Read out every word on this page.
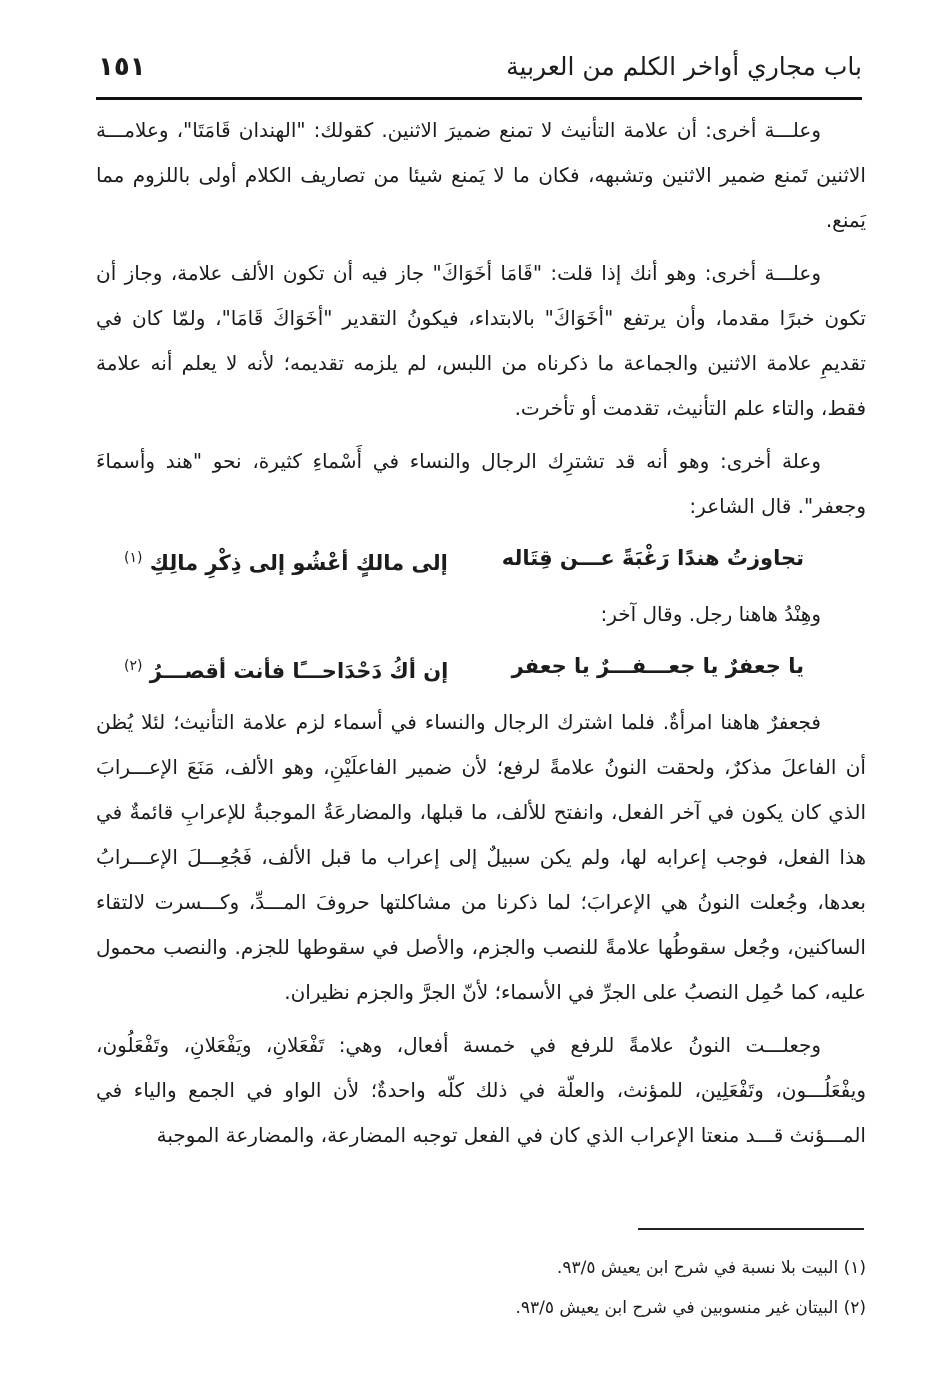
باب مجاري أواخر الكلم من العربية
١٥١

وعلـــة أخرى: أن علامة التأنيث لا تمنع ضميرَ الاثنين. كقولك: "الهندان قَامَتَا"، وعلامـــة الاثنين تَمنع ضمير الاثنين وتشبهه، فكان ما لا يَمنع شيئا من تصاريف الكلام أولى باللزوم مما يَمنع.

وعلـــة أخرى: وهو أنك إذا قلت: "قَامَا أخَوَاكَ" جاز فيه أن تكون الألف علامة، وجاز أن تكون خبرًا مقدما، وأن يرتفع "أخَوَاكَ" بالابتداء، فيكونُ التقدير "أخَوَاكَ قَامَا"، ولمّا كان في تقديمِ علامة الاثنين والجماعة ما ذكرناه من اللبس، لم يلزمه تقديمه؛ لأنه لا يعلم أنه علامة فقط، والتاء علم التأنيث، تقدمت أو تأخرت.

وعلة أخرى: وهو أنه قد تشترِك الرجال والنساء في أَسْماءِ كثيرة، نحو "هند وأسماءَ وجعفر". قال الشاعر:

تجاوزتُ هندًا رَغْبَةً عـــن قِتَاله
إلى مالكٍ أعْشُو إلى ذِكْرِ مالِكِ $^{(١)}$

وهِنْدُ هاهنا رجل. وقال آخر:

يا جعفرٌ يا جعـــفـــرٌ يا جعفر
إن أكُ دَحْدَاحـــًا فأنت أقصـــرُ $^{(٢)}$

فجعفرٌ هاهنا امرأةٌ. فلما اشترك الرجال والنساء في أسماء لزم علامة التأنيث؛ لئلا يُظن أن الفاعلَ مذكرٌ، ولحقت النونُ علامةً لرفع؛ لأن ضمير الفاعلَيْنِ، وهو الألف، مَنَعَ الإعـــرابَ الذي كان يكون في آخر الفعل، وانفتح للألف، ما قبلها، والمضارعَةُ الموجبةُ للإعرابِ قائمةٌ في هذا الفعل، فوجب إعرابه لها، ولم يكن سبيلٌ إلى إعراب ما قبل الألف، فَجُعِـــلَ الإعـــرابُ بعدها، وجُعلت النونُ هي الإعرابَ؛ لما ذكرنا من مشاكلتها حروفَ المـــدِّ، وكـــسرت لالتقاء الساكنين، وجُعل سقوطُها علامةً للنصب والجزم، والأصل في سقوطها للجزم. والنصب محمول عليه، كما حُمِل النصبُ على الجرِّ في الأسماء؛ لأنّ الجرَّ والجزم نظيران.

وجعلـــت النونُ علامةً للرفع في خمسة أفعال، وهي: تَفْعَلانِ، ويَفْعَلانِ، وتَفْعَلُون، ويفْعَلُـــون، وتَفْعَلِين، للمؤنث، والعلّة في ذلك كلّه واحدةٌ؛ لأن الواو في الجمع والياء في المـــؤنث قـــد منعتا الإعراب الذي كان في الفعل توجبه المضارعة، والمضارعة الموجبة

(١) البيت بلا نسبة في شرح ابن يعيش ٩٣/٥.

(٢) البيتان غير منسوبين في شرح ابن يعيش ٩٣/٥.
